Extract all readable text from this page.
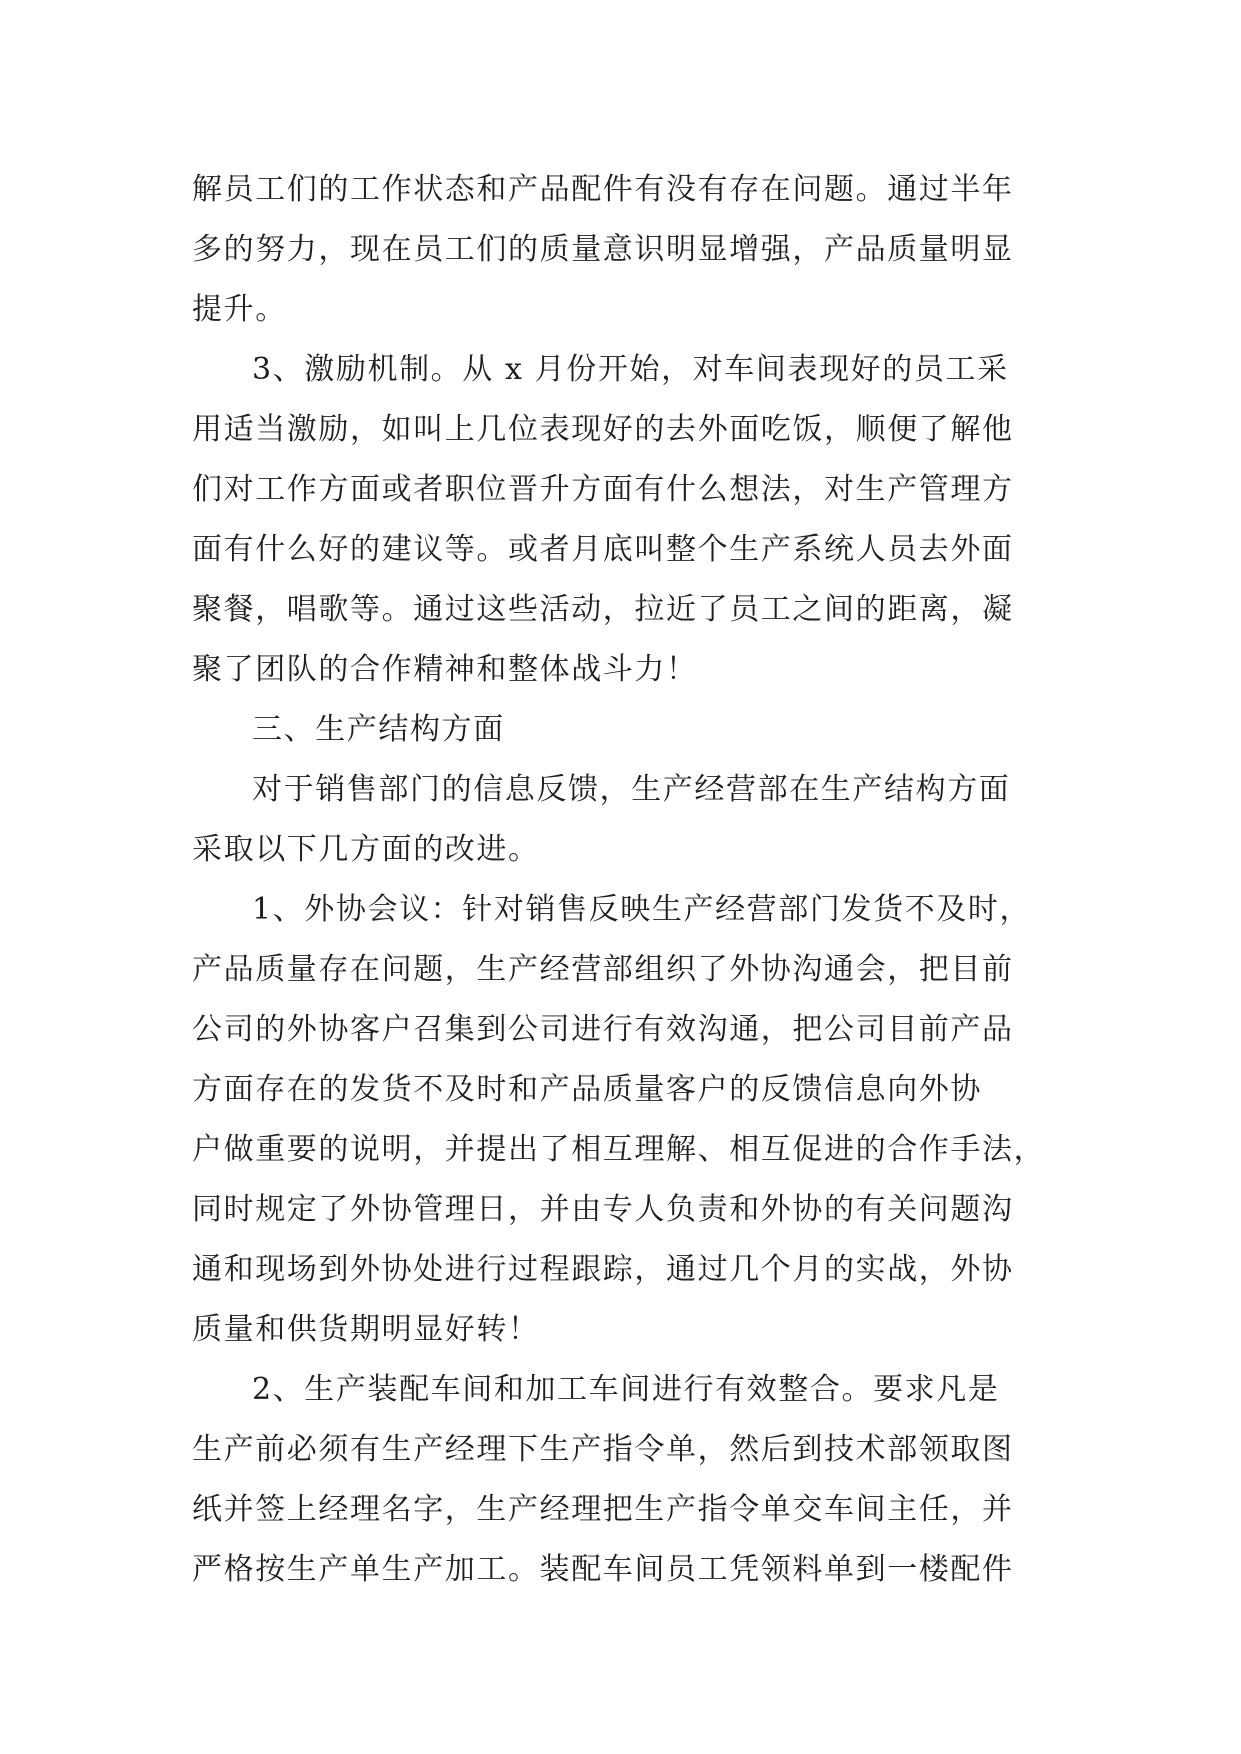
解员工们的工作状态和产品配件有没有存在问题。通过半年
多的努力，现在员工们的质量意识明显增强，产品质量明显
提升。
3、激励机制。从 x 月份开始，对车间表现好的员工采
用适当激励，如叫上几位表现好的去外面吃饭，顺便了解他
们对工作方面或者职位晋升方面有什么想法，对生产管理方
面有什么好的建议等。或者月底叫整个生产系统人员去外面
聚餐，唱歌等。通过这些活动，拉近了员工之间的距离，凝
聚了团队的合作精神和整体战斗力！
三、生产结构方面
对于销售部门的信息反馈，生产经营部在生产结构方面
采取以下几方面的改进。
1、外协会议：针对销售反映生产经营部门发货不及时，
产品质量存在问题，生产经营部组织了外协沟通会，把目前
公司的外协客户召集到公司进行有效沟通，把公司目前产品
方面存在的发货不及时和产品质量客户的反馈信息向外协
户做重要的说明，并提出了相互理解、相互促进的合作手法，
同时规定了外协管理日，并由专人负责和外协的有关问题沟
通和现场到外协处进行过程跟踪，通过几个月的实战，外协
质量和供货期明显好转！
2、生产装配车间和加工车间进行有效整合。要求凡是
生产前必须有生产经理下生产指令单，然后到技术部领取图
纸并签上经理名字，生产经理把生产指令单交车间主任，并
严格按生产单生产加工。装配车间员工凭领料单到一楼配件
